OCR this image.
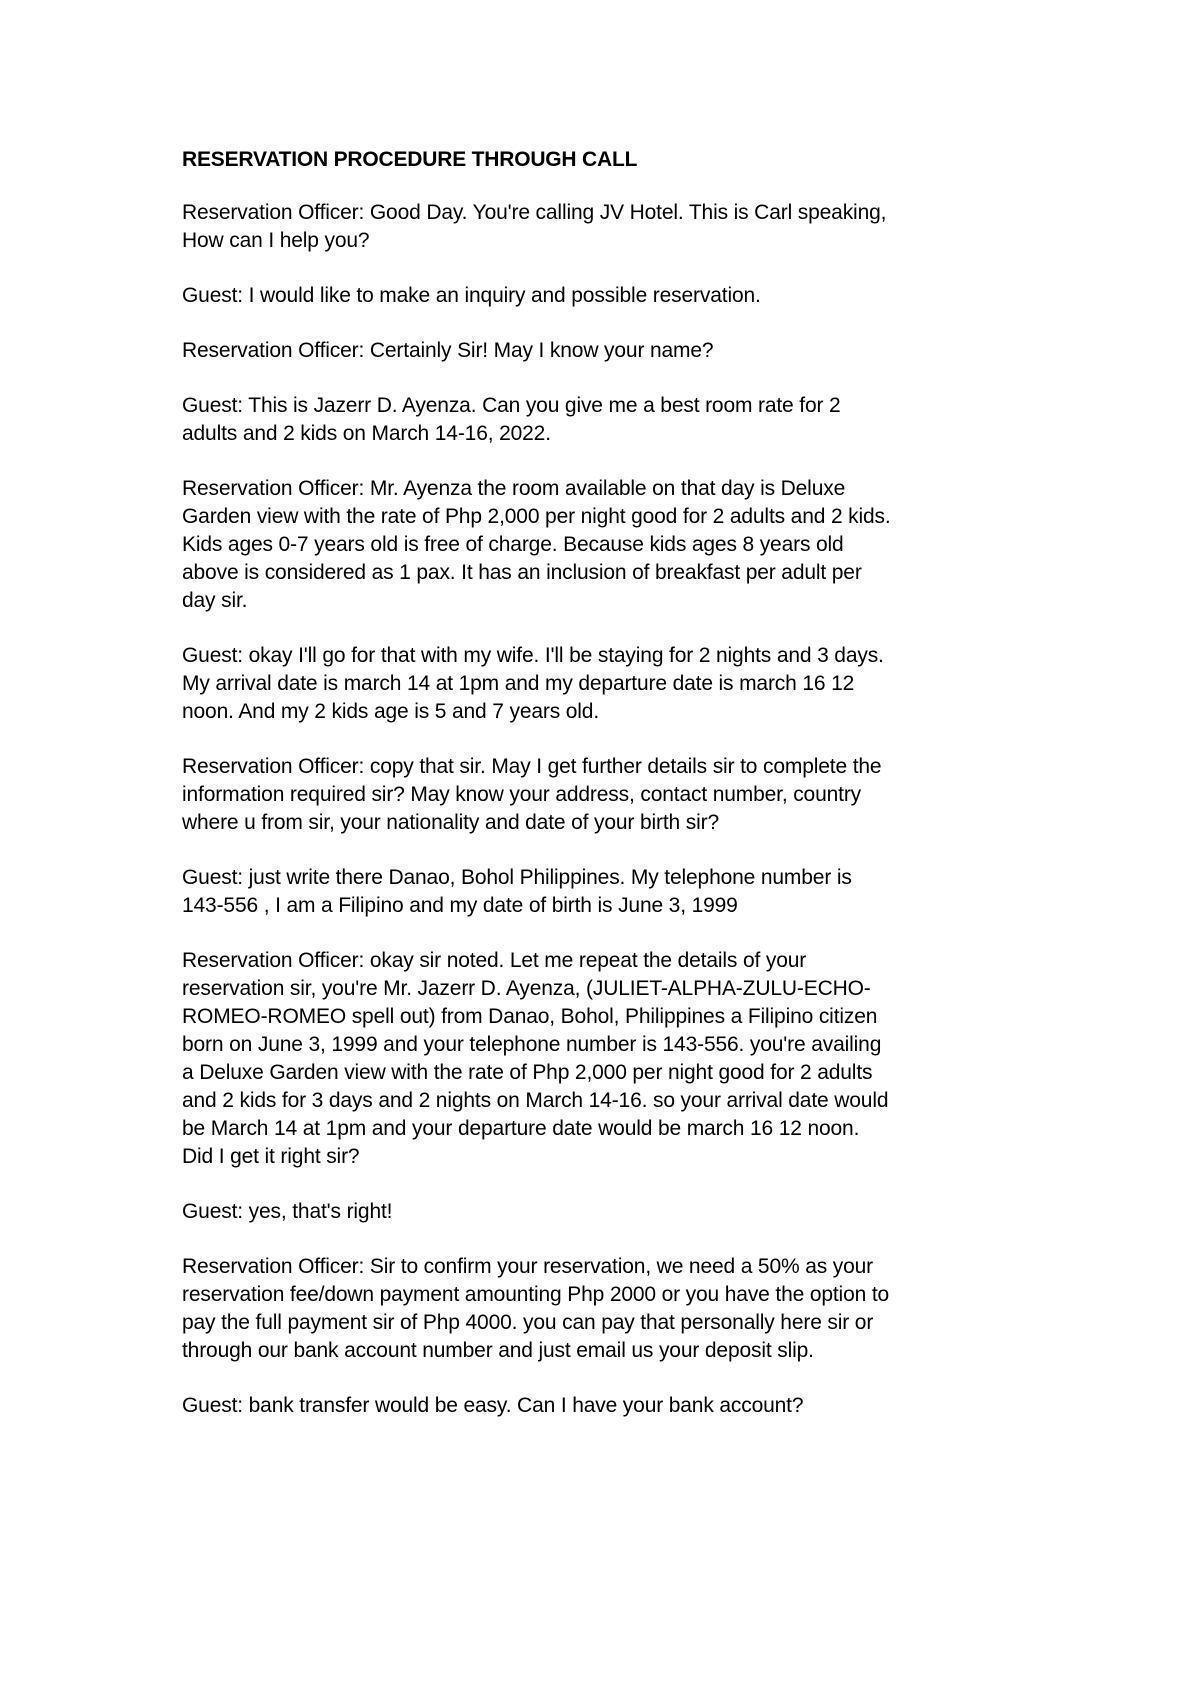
RESERVATION PROCEDURE THROUGH CALL

Reservation Officer: Good Day. You're calling JV Hotel. This is Carl speaking,
How can I help you?

Guest: I would like to make an inquiry and possible reservation.

Reservation Officer: Certainly Sir! May I know your name?

Guest: This is Jazerr D. Ayenza. Can you give me a best room rate for 2
adults and 2 kids on March 14-16, 2022.

Reservation Officer: Mr. Ayenza the room available on that day is Deluxe
Garden view with the rate of Php 2,000 per night good for 2 adults and 2 kids.
Kids ages 0-7 years old is free of charge. Because kids ages 8 years old
above is considered as 1 pax. It has an inclusion of breakfast per adult per
day sir.

Guest: okay I'll go for that with my wife. I'll be staying for 2 nights and 3 days.
My arrival date is march 14 at 1pm and my departure date is march 16 12
noon. And my 2 kids age is 5 and 7 years old.

Reservation Officer: copy that sir. May I get further details sir to complete the
information required sir? May know your address, contact number, country
where u from sir, your nationality and date of your birth sir?

Guest: just write there Danao, Bohol Philippines. My telephone number is
143-556 , I am a Filipino and my date of birth is June 3, 1999

Reservation Officer: okay sir noted. Let me repeat the details of your
reservation sir, you're Mr. Jazerr D. Ayenza, (JULIET-ALPHA-ZULU-ECHO-
ROMEO-ROMEO spell out) from Danao, Bohol, Philippines a Filipino citizen
born on June 3, 1999 and your telephone number is 143-556. you're availing
a Deluxe Garden view with the rate of Php 2,000 per night good for 2 adults
and 2 kids for 3 days and 2 nights on March 14-16. so your arrival date would
be March 14 at 1pm and your departure date would be march 16 12 noon.
Did I get it right sir?

Guest: yes, that's right!

Reservation Officer: Sir to confirm your reservation, we need a 50% as your
reservation fee/down payment amounting Php 2000 or you have the option to
pay the full payment sir of Php 4000. you can pay that personally here sir or
through our bank account number and just email us your deposit slip.

Guest: bank transfer would be easy. Can I have your bank account?
